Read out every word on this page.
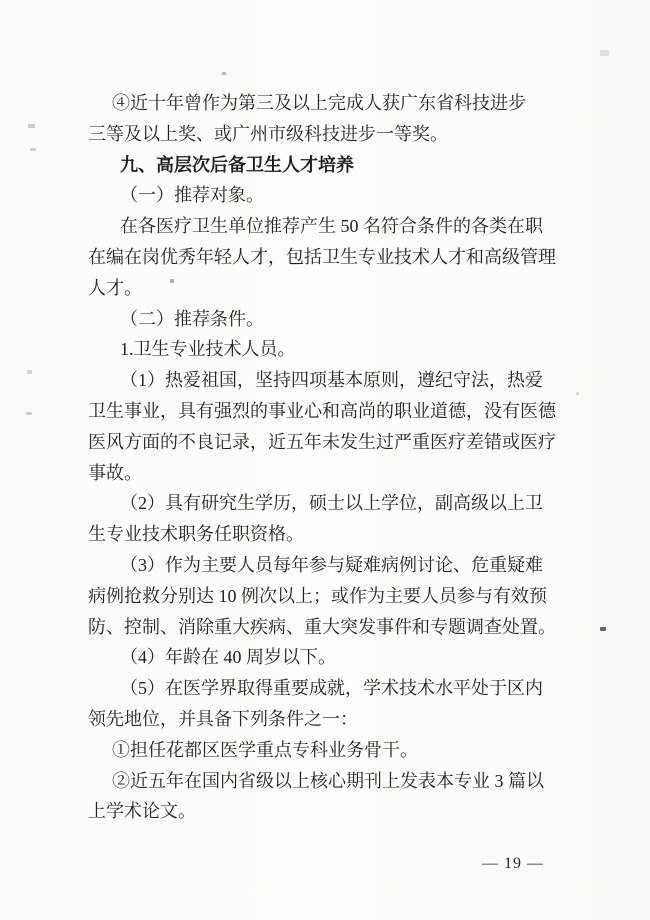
④近十年曾作为第三及以上完成人获广东省科技进步
三等及以上奖、或广州市级科技进步一等奖。
九、高层次后备卫生人才培养
（一）推荐对象。
在各医疗卫生单位推荐产生 50 名符合条件的各类在职
在编在岗优秀年轻人才，包括卫生专业技术人才和高级管理
人才。
（二）推荐条件。
1.卫生专业技术人员。
（1）热爱祖国，坚持四项基本原则，遵纪守法，热爱
卫生事业，具有强烈的事业心和高尚的职业道德，没有医德
医风方面的不良记录，近五年未发生过严重医疗差错或医疗
事故。
（2）具有研究生学历，硕士以上学位，副高级以上卫
生专业技术职务任职资格。
（3）作为主要人员每年参与疑难病例讨论、危重疑难
病例抢救分别达 10 例次以上；或作为主要人员参与有效预
防、控制、消除重大疾病、重大突发事件和专题调查处置。
（4）年龄在 40 周岁以下。
（5）在医学界取得重要成就，学术技术水平处于区内
领先地位，并具备下列条件之一：
①担任花都区医学重点专科业务骨干。
②近五年在国内省级以上核心期刊上发表本专业 3 篇以
上学术论文。
— 19 —
